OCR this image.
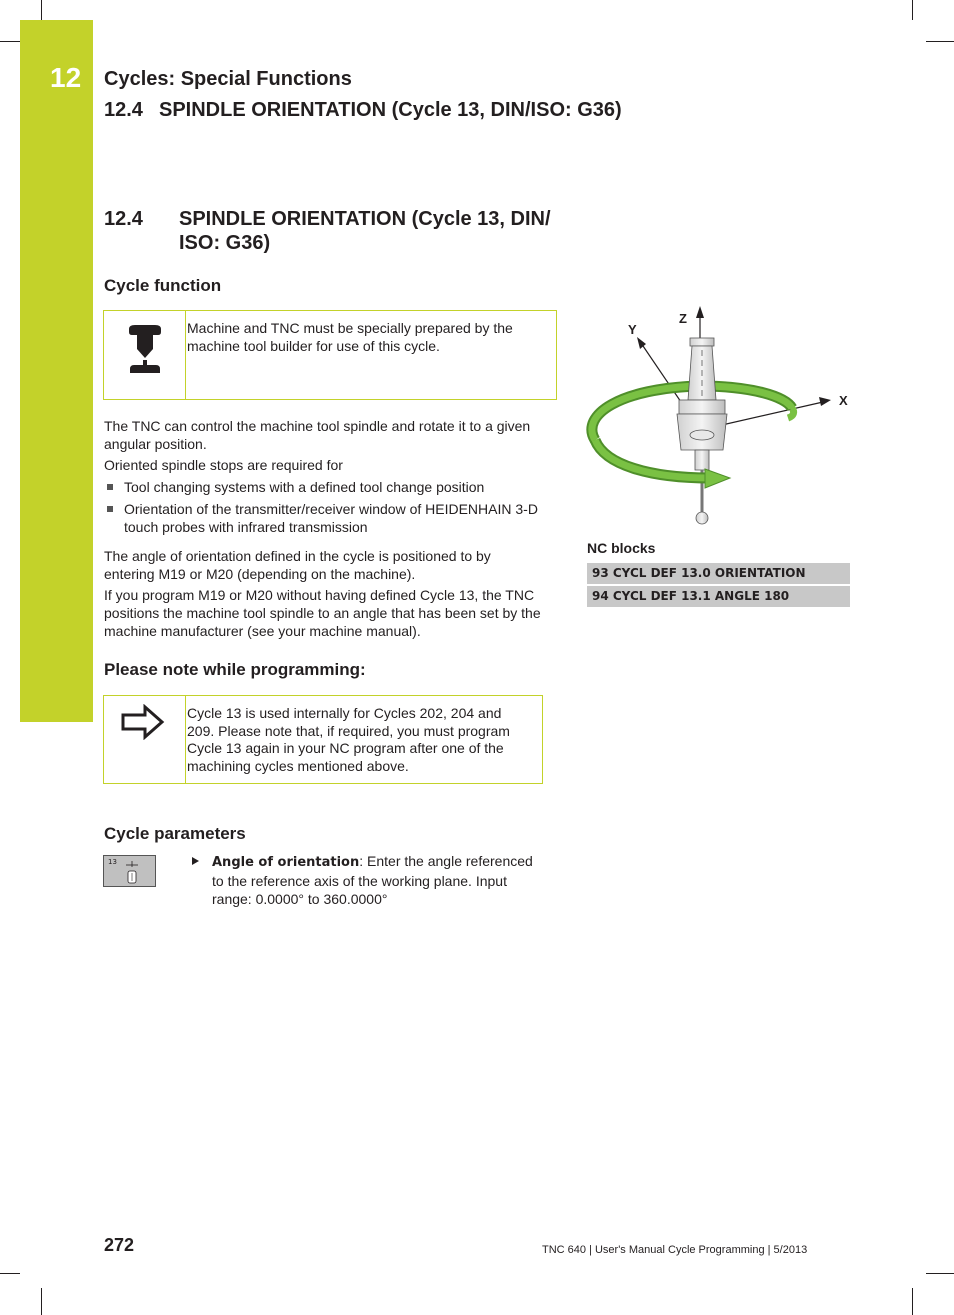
12 Cycles: Special Functions
12.4 SPINDLE ORIENTATION (Cycle 13, DIN/ISO: G36)
12.4	SPINDLE ORIENTATION (Cycle 13, DIN/
ISO: G36)
Cycle function
Machine and TNC must be specially prepared by the machine tool builder for use of this cycle.
The TNC can control the machine tool spindle and rotate it to a given angular position.
Oriented spindle stops are required for
Tool changing systems with a defined tool change position
Orientation of the transmitter/receiver window of HEIDENHAIN 3-D touch probes with infrared transmission
The angle of orientation defined in the cycle is positioned to by entering M19 or M20 (depending on the machine).
If you program M19 or M20 without having defined Cycle 13, the TNC positions the machine tool spindle to an angle that has been set by the machine manufacturer (see your machine manual).
Please note while programming:
Cycle 13 is used internally for Cycles 202, 204 and 209. Please note that, if required, you must program Cycle 13 again in your NC program after one of the machining cycles mentioned above.
Cycle parameters
13	Angle of orientation: Enter the angle referenced to the reference axis of the working plane. Input range: 0.0000° to 360.0000°
Z
Y
X
NC blocks
93 CYCL DEF 13.0 ORIENTATION
94 CYCL DEF 13.1 ANGLE 180
272	TNC 640 | User's Manual Cycle Programming | 5/2013
